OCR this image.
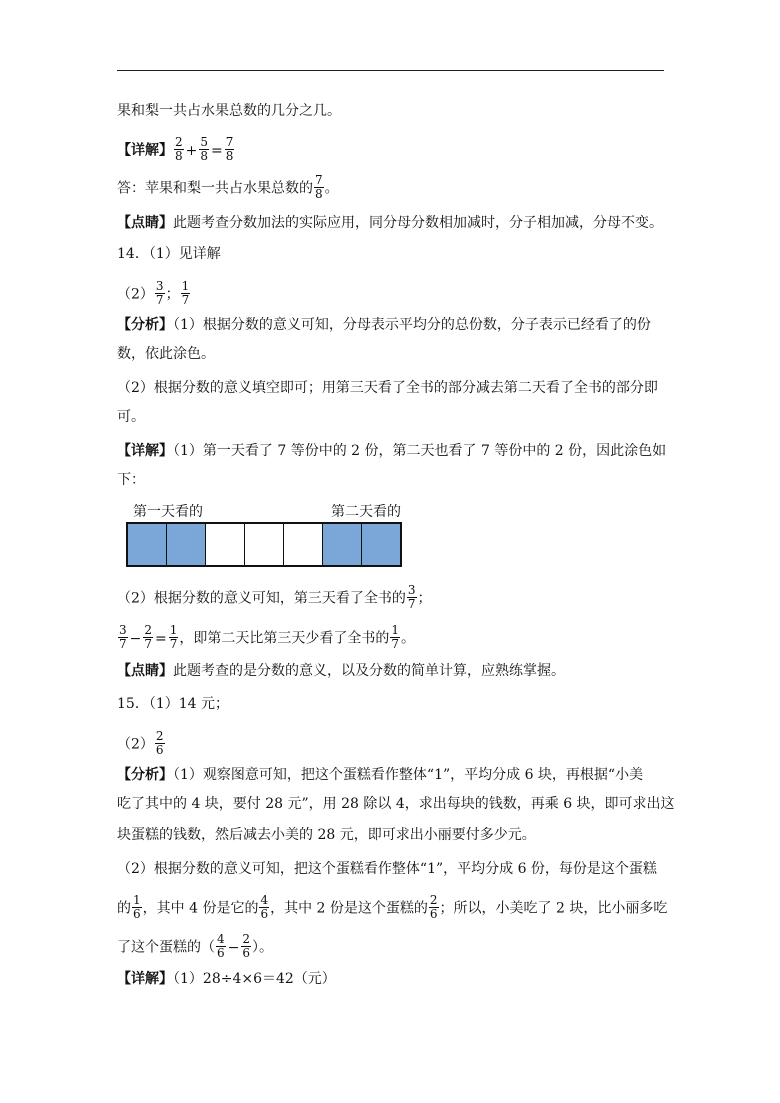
果和梨一共占水果总数的几分之几。
【详解】 $\frac{2}{8} + \frac{5}{8} = \frac{7}{8}$
答：苹果和梨一共占水果总数的 $\frac{7}{8}$ 。
【点睛】此题考查分数加法的实际应用，同分母分数相加减时，分子相加减，分母不变。
14．（1）见详解
$(2) \frac{3}{7}$ ； $\frac{1}{7}$
【分析】（1）根据分数的意义可知，分母表示平均分的总份数，分子表示已经看了的份
数，依此涂色。
（2）根据分数的意义填空即可；用第三天看了全书的部分减去第二天看了全书的部分即
可。
【详解】（1）第一天看了 7 等份中的 2 份，第二天也看了 7 等份中的 2 份，因此涂色如
下：
第一天看的	第二天看的
（2）根据分数的意义可知，第三天看了全书的 $\frac{3}{7}$ ；
$\frac{3}{7} - \frac{2}{7} = \frac{1}{7}$ ，即第二天比第三天少看了全书的 $\frac{1}{7}$ 。
【点睛】此题考查的是分数的意义，以及分数的简单计算，应熟练掌握。
15．（1）14 元；
$(2) \frac{2}{6}$
【分析】（1）观察图意可知，把这个蛋糕看作整体“1”，平均分成 6 块，再根据“小美
吃了其中的 4 块，要付 28 元”，用 28 除以 4，求出每块的钱数，再乘 6 块，即可求出这
块蛋糕的钱数，然后减去小美的 28 元，即可求出小丽要付多少元。
（2）根据分数的意义可知，把这个蛋糕看作整体“1”，平均分成 6 份，每份是这个蛋糕
的 $\frac{1}{6}$ ，其中 4 份是它的 $\frac{4}{6}$ ，其中 2 份是这个蛋糕的 $\frac{2}{6}$ ；所以，小美吃了 2 块，比小丽多吃
了这个蛋糕的（ $\frac{4}{6} - \frac{2}{6}$ ）。
【详解】（1）28÷4×6＝42（元）
